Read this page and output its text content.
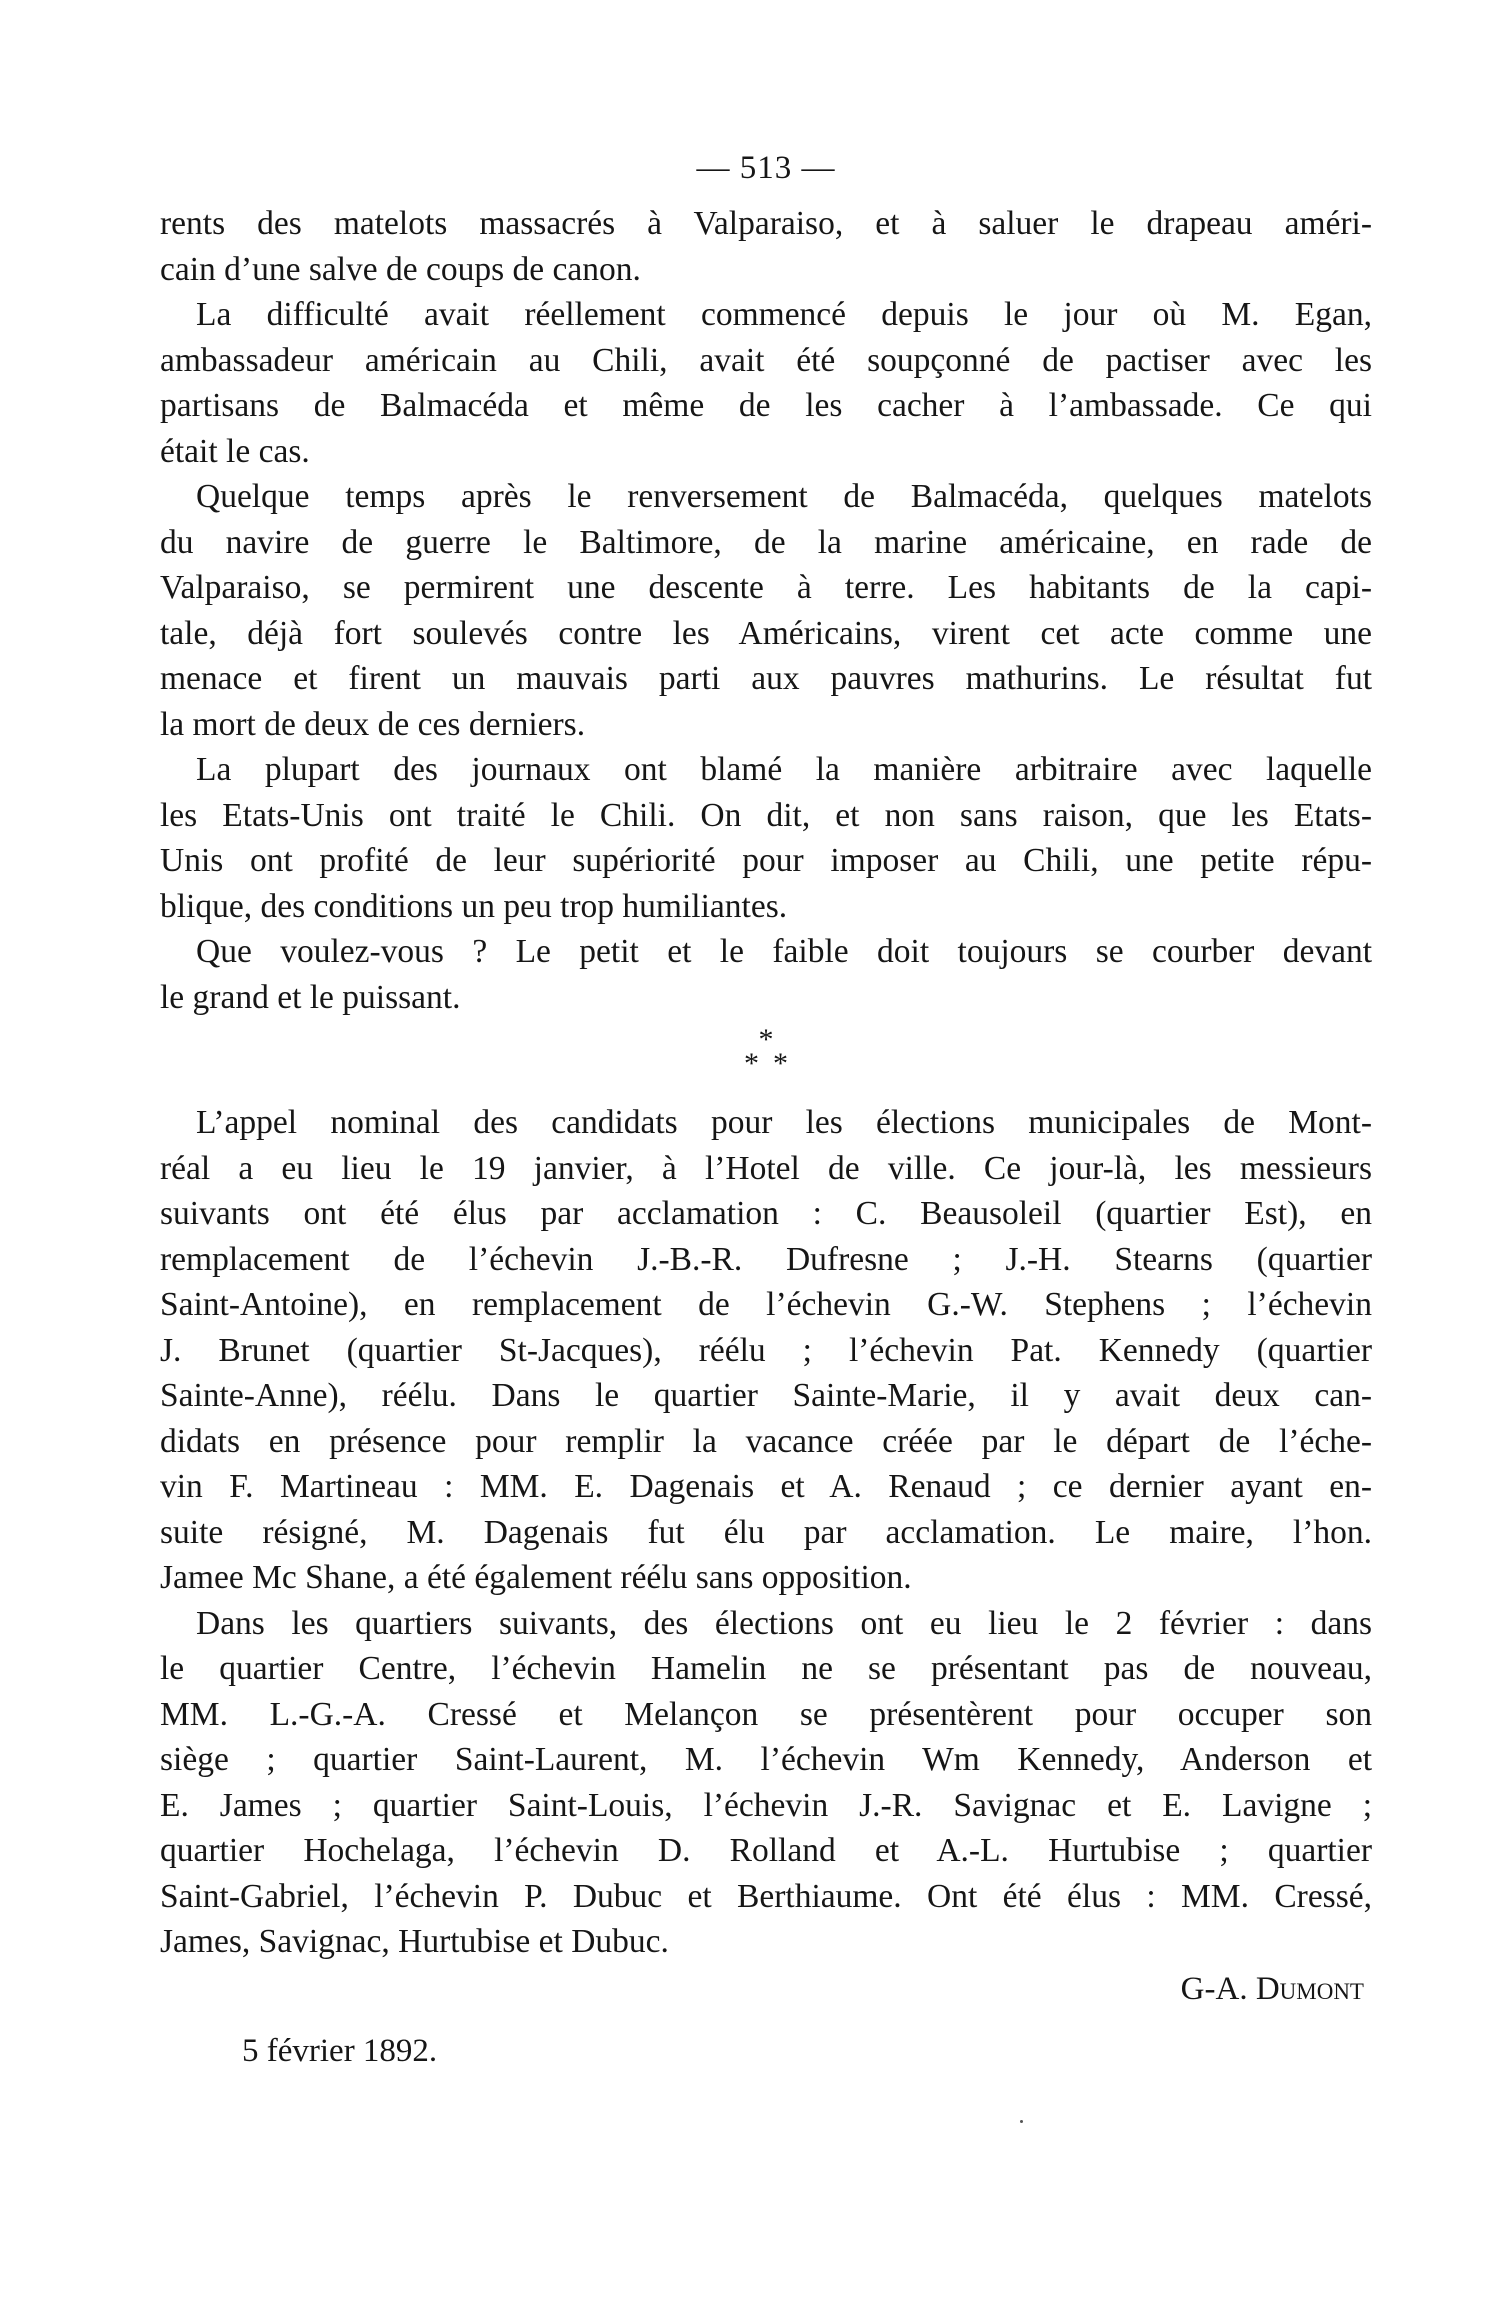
— 513 —

rents des matelots massacrés à Valparaiso, et à saluer le drapeau améri-
cain d’une salve de coups de canon.

La difficulté avait réellement commencé depuis le jour où M. Egan,
ambassadeur américain au Chili, avait été soupçonné de pactiser avec les
partisans de Balmacéda et même de les cacher à l’ambassade. Ce qui
était le cas.

Quelque temps après le renversement de Balmacéda, quelques matelots
du navire de guerre le Baltimore, de la marine américaine, en rade de
Valparaiso, se permirent une descente à terre. Les habitants de la capi-
tale, déjà fort soulevés contre les Américains, virent cet acte comme une
menace et firent un mauvais parti aux pauvres mathurins. Le résultat fut
la mort de deux de ces derniers.

La plupart des journaux ont blamé la manière arbitraire avec laquelle
les Etats-Unis ont traité le Chili. On dit, et non sans raison, que les Etats-
Unis ont profité de leur supériorité pour imposer au Chili, une petite répu-
blique, des conditions un peu trop humiliantes.

Que voulez-vous ? Le petit et le faible doit toujours se courber devant
le grand et le puissant.

*
**

L’appel nominal des candidats pour les élections municipales de Mont-
réal a eu lieu le 19 janvier, à l’Hotel de ville. Ce jour-là, les messieurs
suivants ont été élus par acclamation : C. Beausoleil (quartier Est), en
remplacement de l’échevin J.-B.-R. Dufresne ; J.-H. Stearns (quartier
Saint-Antoine), en remplacement de l’échevin G.-W. Stephens ; l’échevin
J. Brunet (quartier St-Jacques), réélu ; l’échevin Pat. Kennedy (quartier
Sainte-Anne), réélu. Dans le quartier Sainte-Marie, il y avait deux can-
didats en présence pour remplir la vacance créée par le départ de l’éche-
vin F. Martineau : MM. E. Dagenais et A. Renaud ; ce dernier ayant en-
suite résigné, M. Dagenais fut élu par acclamation. Le maire, l’hon.
Jamee Mc Shane, a été également réélu sans opposition.

Dans les quartiers suivants, des élections ont eu lieu le 2 février : dans
le quartier Centre, l’échevin Hamelin ne se présentant pas de nouveau,
MM. L.-G.-A. Cressé et Melançon se présentèrent pour occuper son
siège ; quartier Saint-Laurent, M. l’échevin Wm Kennedy, Anderson et
E. James ; quartier Saint-Louis, l’échevin J.-R. Savignac et E. Lavigne ;
quartier Hochelaga, l’échevin D. Rolland et A.-L. Hurtubise ; quartier
Saint-Gabriel, l’échevin P. Dubuc et Berthiaume. Ont été élus : MM. Cressé,
James, Savignac, Hurtubise et Dubuc.

G-A. Dumont
5 février 1892.
